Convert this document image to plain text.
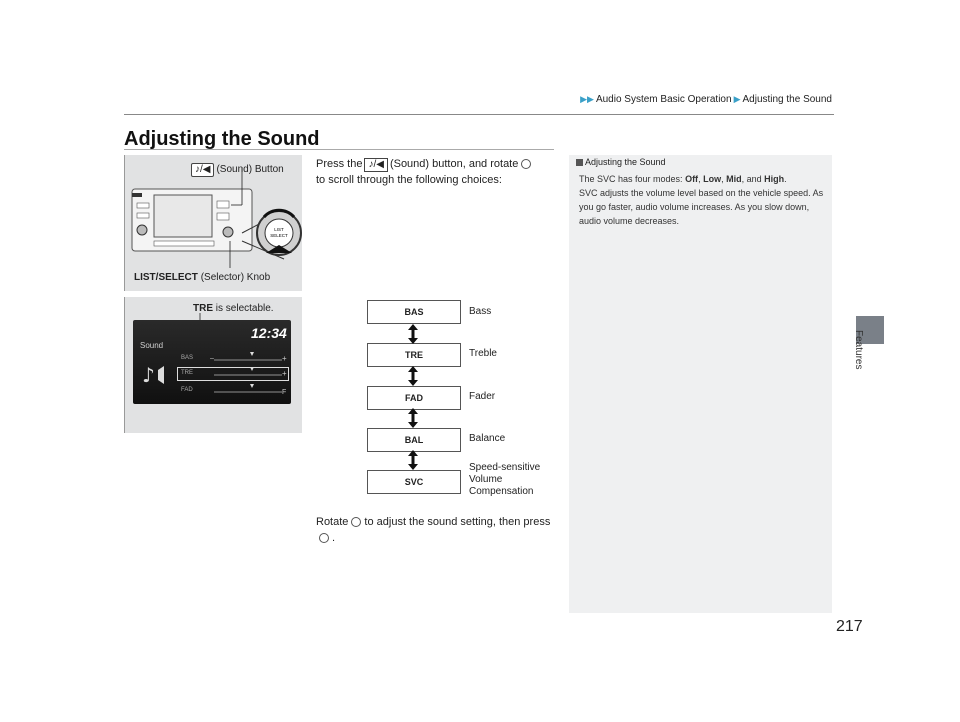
▶▶ Audio System Basic Operation ▶ Adjusting the Sound
Adjusting the Sound
Features
LIST
SELECT
♪/◀ (Sound) Button
LIST/SELECT (Selector) Knob
TRE is selectable.
12:34
Sound
♪
BAS
TRE
FAD
–	+
+
F
Press the ♪/◀ (Sound) button, and rotate
to scroll through the following choices:
BAS	Bass
TRE	Treble
FAD	Fader
BAL	Balance
SVC
Speed-sensitive Volume Compensation
Rotate to adjust the sound setting, then press.
Adjusting the Sound
The SVC has four modes: Off, Low, Mid, and High.
SVC adjusts the volume level based on the vehicle speed. As you go faster, audio volume increases. As you slow down, audio volume decreases.
217
